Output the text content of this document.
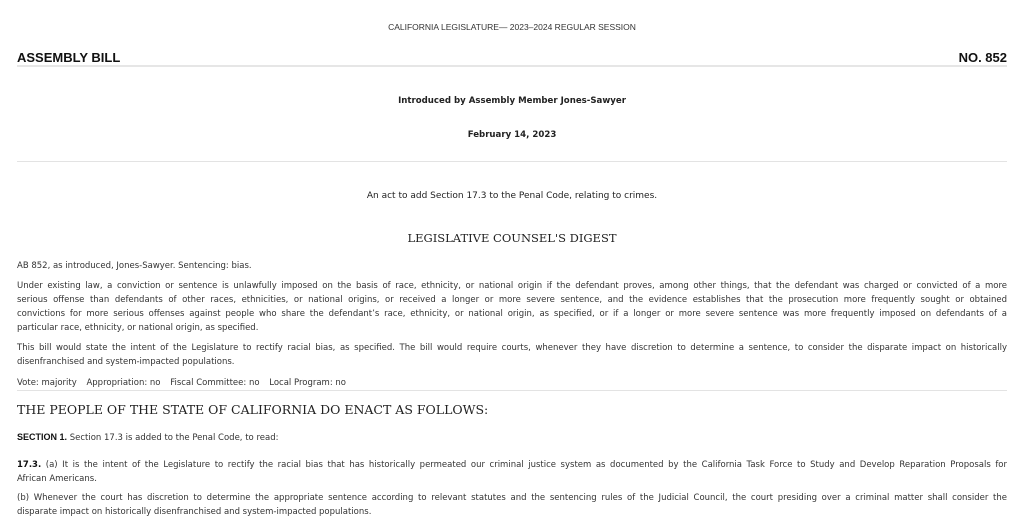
CALIFORNIA LEGISLATURE— 2023–2024 REGULAR SESSION
ASSEMBLY BILL	NO. 852
Introduced by Assembly Member Jones-Sawyer
February 14, 2023
An act to add Section 17.3 to the Penal Code, relating to crimes.
LEGISLATIVE COUNSEL'S DIGEST
AB 852, as introduced, Jones-Sawyer. Sentencing: bias.
Under existing law, a conviction or sentence is unlawfully imposed on the basis of race, ethnicity, or national origin if the defendant proves, among other things, that the defendant was charged or convicted of a more
serious offense than defendants of other races, ethnicities, or national origins, or received a longer or more severe sentence, and the evidence establishes that the prosecution more frequently sought or obtained
convictions for more serious offenses against people who share the defendant’s race, ethnicity, or national origin, as specified, or if a longer or more severe sentence was more frequently imposed on defendants of a
particular race, ethnicity, or national origin, as specified.
This bill would state the intent of the Legislature to rectify racial bias, as specified. The bill would require courts, whenever they have discretion to determine a sentence, to consider the disparate impact on historically
disenfranchised and system-impacted populations.
Vote: majority Appropriation: no Fiscal Committee: no Local Program: no
THE PEOPLE OF THE STATE OF CALIFORNIA DO ENACT AS FOLLOWS:
SECTION 1. Section 17.3 is added to the Penal Code, to read:
17.3. (a) It is the intent of the Legislature to rectify the racial bias that has historically permeated our criminal justice system as documented by the California Task Force to Study and Develop Reparation Proposals for
African Americans.
(b) Whenever the court has discretion to determine the appropriate sentence according to relevant statutes and the sentencing rules of the Judicial Council, the court presiding over a criminal matter shall consider the
disparate impact on historically disenfranchised and system-impacted populations.
